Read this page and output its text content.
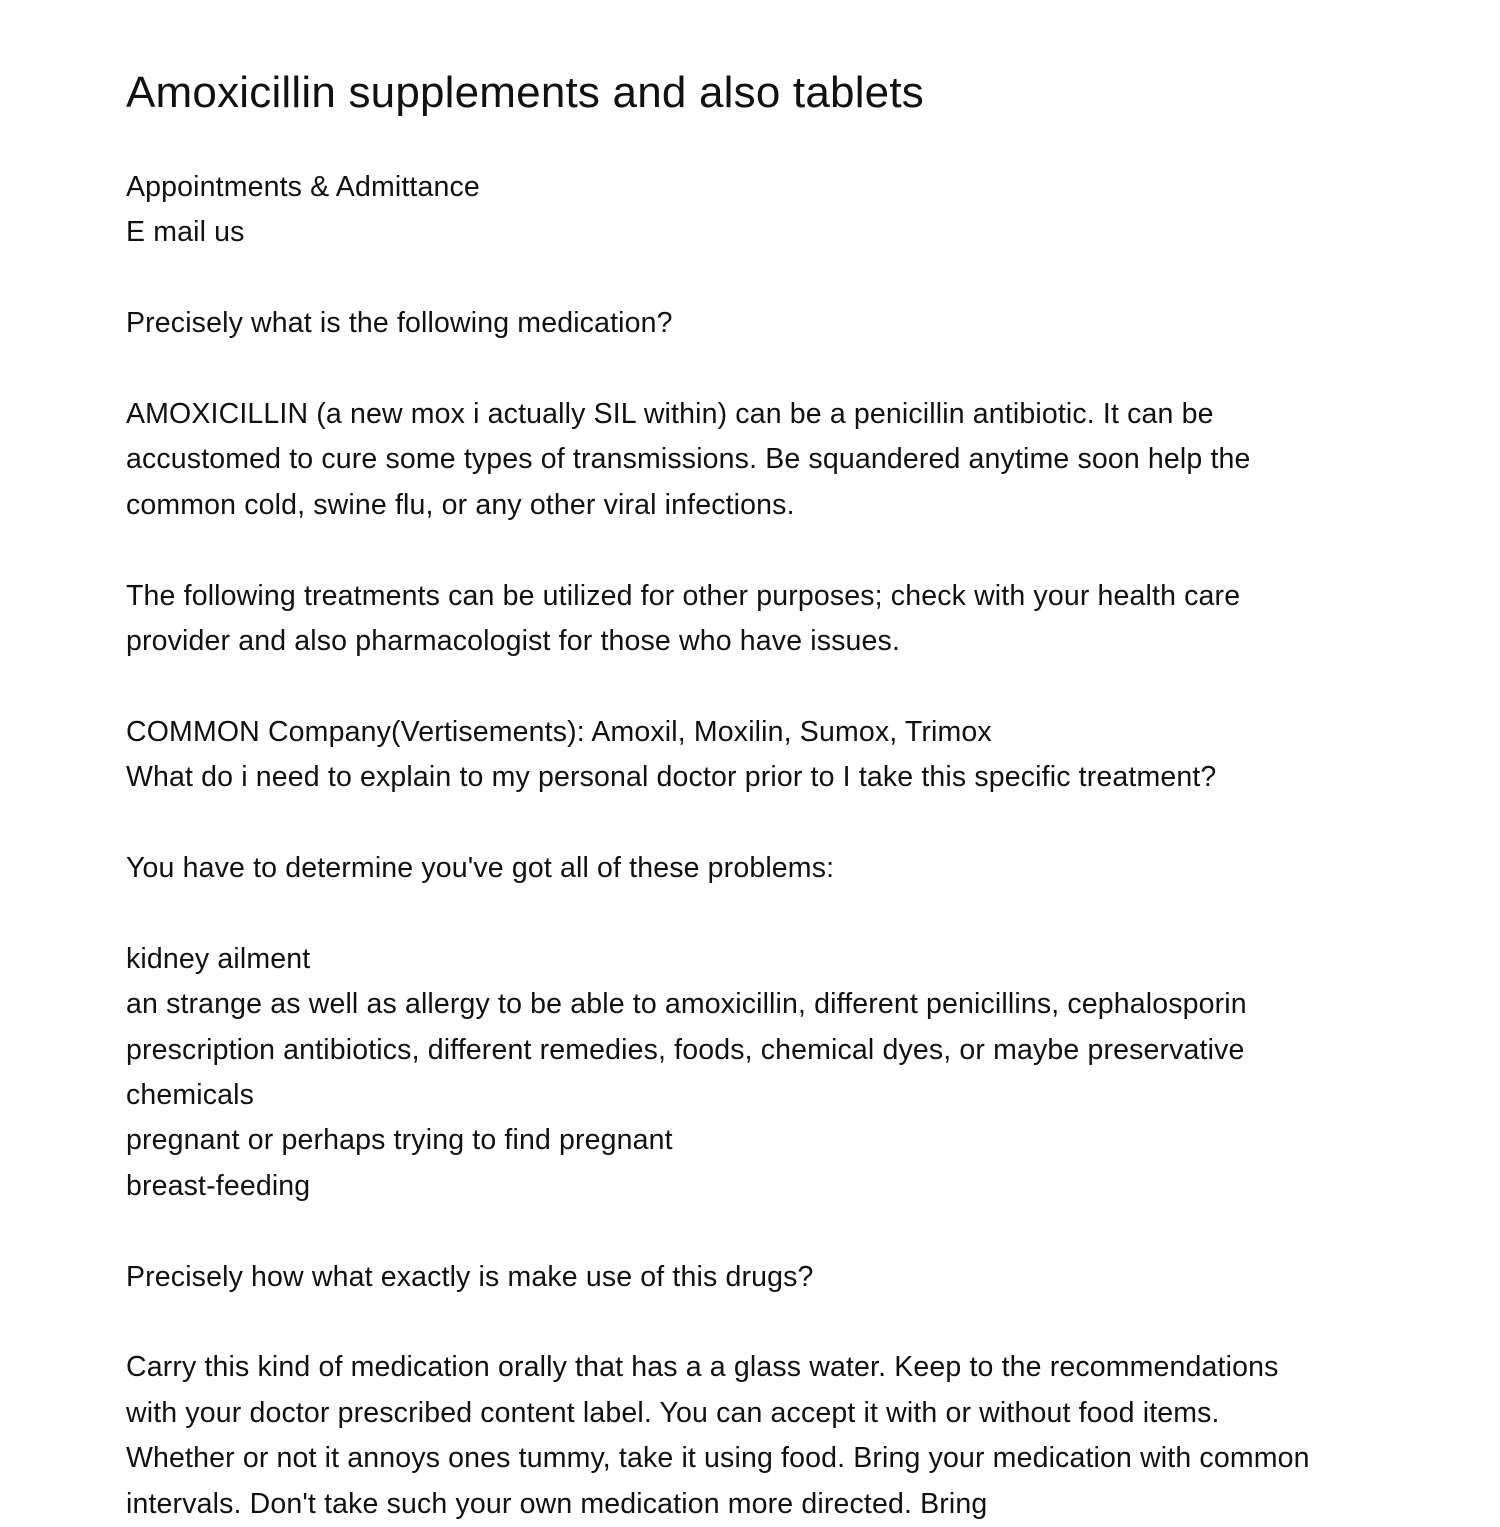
Amoxicillin supplements and also tablets

Appointments & Admittance

E mail us

Precisely what is the following medication?

AMOXICILLIN (a new mox i actually SIL within) can be a penicillin antibiotic. It can be

accustomed to cure some types of transmissions. Be squandered anytime soon help the

common cold, swine flu, or any other viral infections.

The following treatments can be utilized for other purposes; check with your health care

provider and also pharmacologist for those who have issues.

COMMON Company(Vertisements): Amoxil, Moxilin, Sumox, Trimox

What do i need to explain to my personal doctor prior to I take this specific treatment?

You have to determine you've got all of these problems:

kidney ailment

an strange as well as allergy to be able to amoxicillin, different penicillins, cephalosporin

prescription antibiotics, different remedies, foods, chemical dyes, or maybe preservative

chemicals

pregnant or perhaps trying to find pregnant

breast-feeding

Precisely how what exactly is make use of this drugs?

Carry this kind of medication orally that has a a glass water. Keep to the recommendations

with your doctor prescribed content label. You can accept it with or without food items.

Whether or not it annoys ones tummy, take it using food. Bring your medication with common

intervals. Don't take such your own medication more directed. Bring
